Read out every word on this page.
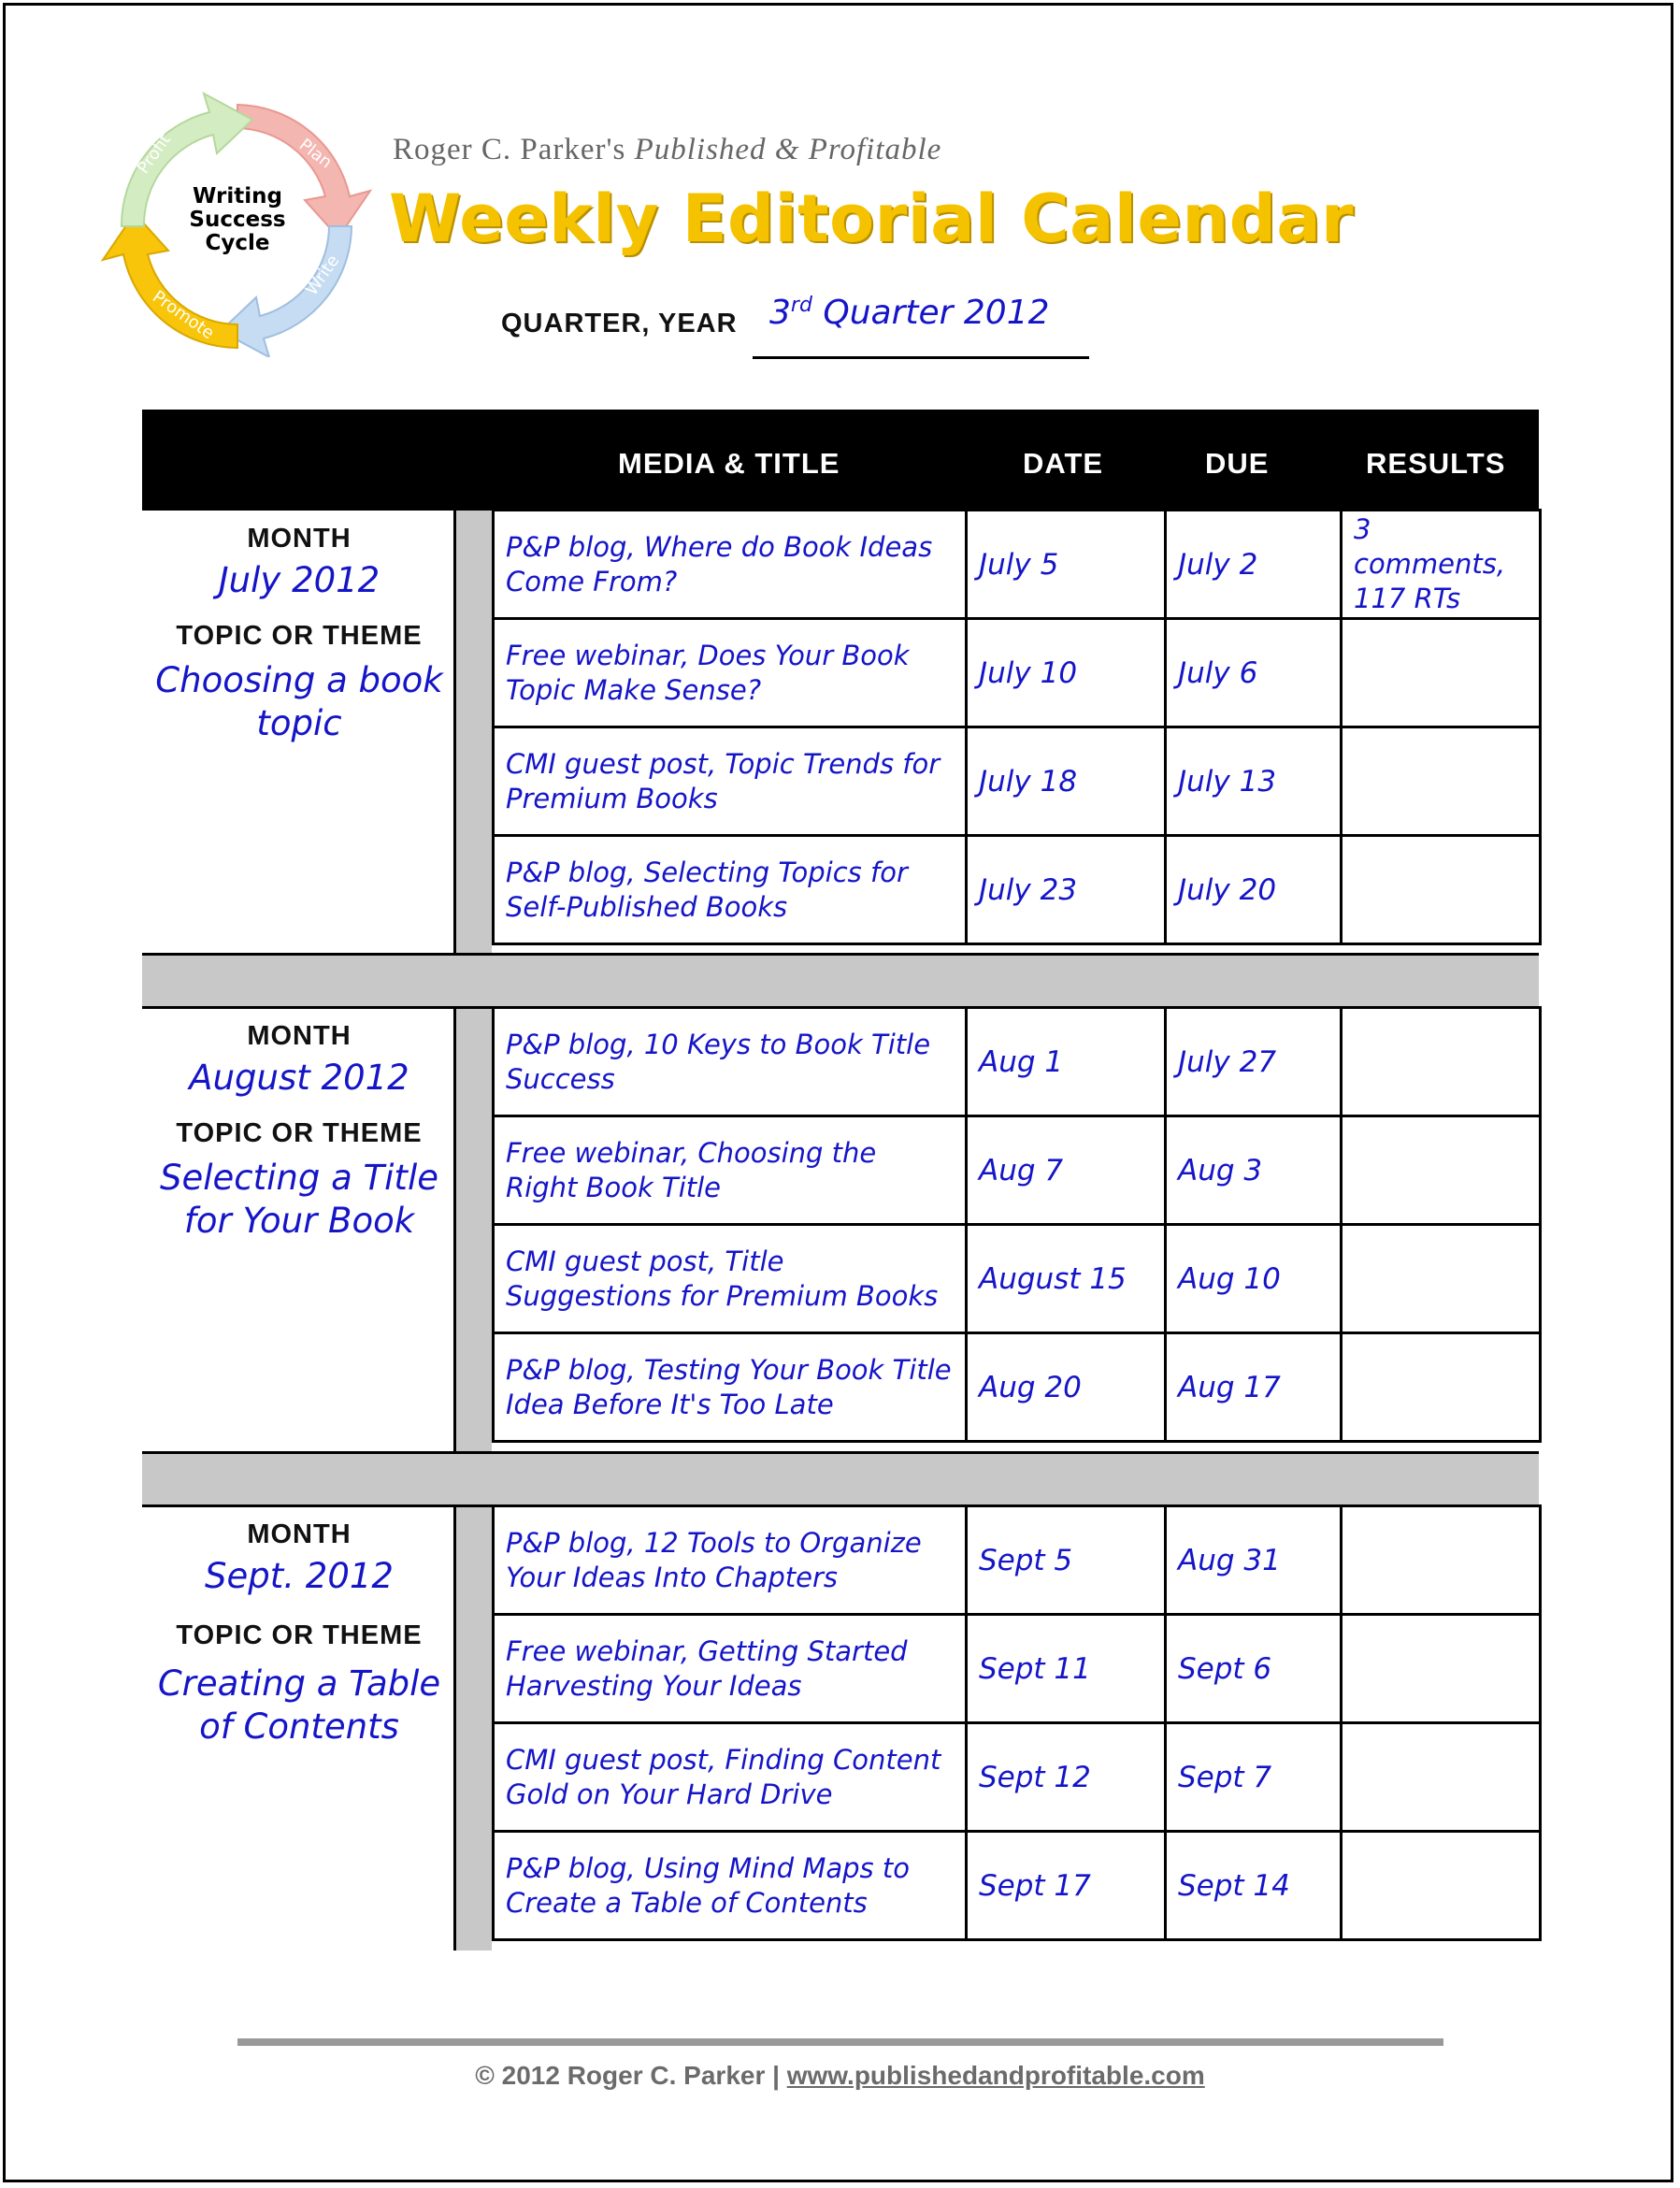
Plan
Write
Promote
Profit
Writing
Success
Cycle
Roger C. Parker's Published & Profitable
Weekly Editorial Calendar
QUARTER, YEAR 3rd Quarter 2012
MEDIA & TITLE	DATE	DUE	RESULTS
MONTH
July 2012
TOPIC OR THEME
Choosing a book topic
P&P blog, Where do Book Ideas Come From?	July 5	July 2	3 comments, 117 RTs
Free webinar, Does Your Book Topic Make Sense?	July 10	July 6	
CMI guest post, Topic Trends for Premium Books	July 18	July 13	
P&P blog, Selecting Topics for Self-Published Books	July 23	July 20	
MONTH
August 2012
TOPIC OR THEME
Selecting a Title for Your Book
P&P blog, 10 Keys to Book Title Success	Aug 1	July 27	
Free webinar, Choosing the Right Book Title	Aug 7	Aug 3	
CMI guest post, Title Suggestions for Premium Books	August 15	Aug 10	
P&P blog, Testing Your Book Title Idea Before It's Too Late	Aug 20	Aug 17	
MONTH
Sept. 2012
TOPIC OR THEME
Creating a Table of Contents
P&P blog, 12 Tools to Organize Your Ideas Into Chapters	Sept 5	Aug 31	
Free webinar, Getting Started Harvesting Your Ideas	Sept 11	Sept 6	
CMI guest post, Finding Content Gold on Your Hard Drive	Sept 12	Sept 7	
P&P blog, Using Mind Maps to Create a Table of Contents	Sept 17	Sept 14	
© 2012 Roger C. Parker | www.publishedandprofitable.com
